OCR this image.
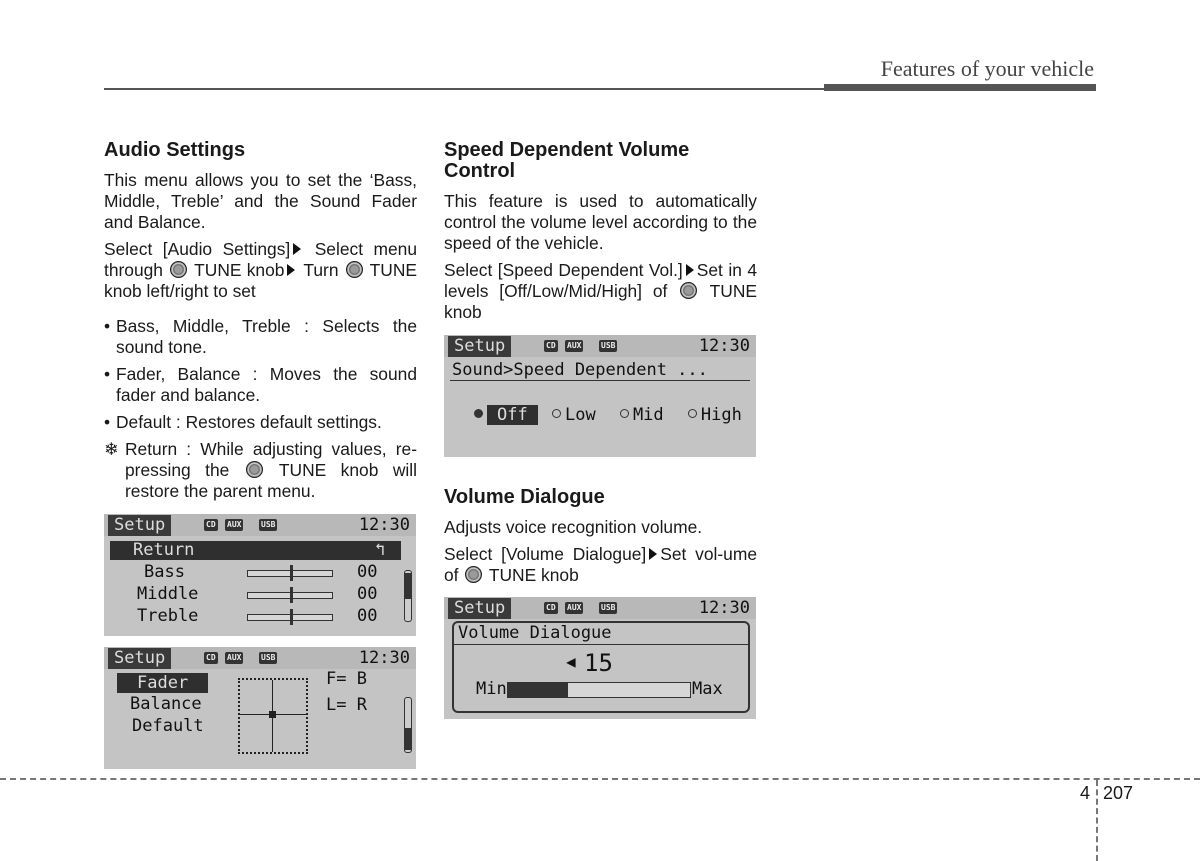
Features of your vehicle
Audio Settings

This menu allows you to set the ‘Bass, Middle, Treble’ and the Sound Fader and Balance.

Select [Audio Settings] Select menu through  TUNE knob Turn  TUNE knob left/right to set

• Bass, Middle, Treble : Selects the sound tone.
• Fader, Balance : Moves the sound fader and balance.
• Default : Restores default settings.
❄ Return : While adjusting values, re-pressing the  TUNE knob will restore the parent menu.
Setup	CD AUX USB	12:30
Return	↰
Bass	00
Middle	00
Treble	00
Setup	CD AUX USB	12:30
Fader
Balance
Default
F= B
L= R
Speed Dependent Volume Control

This feature is used to automatically control the volume level according to the speed of the vehicle.

Select [Speed Dependent Vol.] Set in 4 levels [Off/Low/Mid/High] of  TUNE knob

Setup	CD AUX USB	12:30
Sound>Speed Dependent ...
Off Low Mid High
Volume Dialogue

Adjusts voice recognition volume.

Select [Volume Dialogue] Set vol-ume of  TUNE knob

Setup	CD AUX USB	12:30
Volume Dialogue
◀ 15
Min	Max
4 207
